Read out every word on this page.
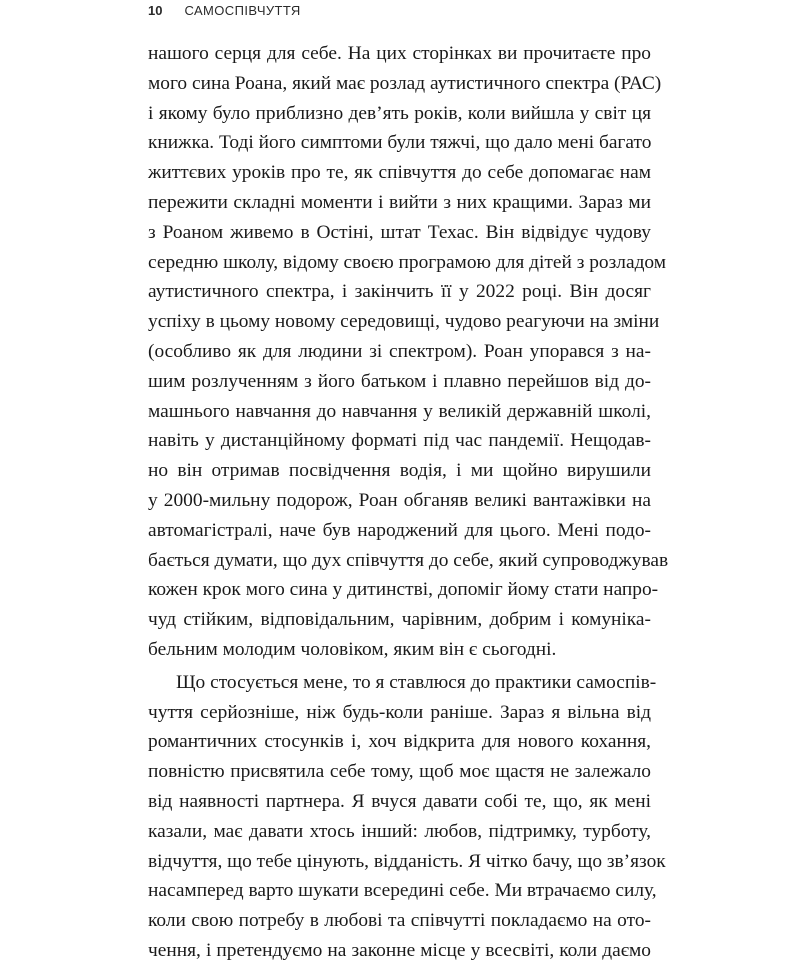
10 САМОСПІВЧУТТЯ
нашого серця для себе. На цих сторінках ви прочитаєте про
мого сина Роана, який має розлад аутистичного спектра (РАС)
і якому було приблизно дев’ять років, коли вийшла у світ ця
книжка. Тоді його симптоми були тяжчі, що дало мені багато
життєвих уроків про те, як співчуття до себе допомагає нам
пережити складні моменти і вийти з них кращими. Зараз ми
з Роаном живемо в Остіні, штат Техас. Він відвідує чудову
середню школу, відому своєю програмою для дітей з розладом
аутистичного спектра, і закінчить її у 2022 році. Він досяг
успіху в цьому новому середовищі, чудово реагуючи на зміни
(особливо як для людини зі спектром). Роан упорався з на-
шим розлученням з його батьком і плавно перейшов від до-
машнього навчання до навчання у великій державній школі,
навіть у дистанційному форматі під час пандемії. Нещодав-
но він отримав посвідчення водія, і ми щойно вирушили
у 2000-мильну подорож, Роан обганяв великі вантажівки на
автомагістралі, наче був народжений для цього. Мені подо-
бається думати, що дух співчуття до себе, який супроводжував
кожен крок мого сина у дитинстві, допоміг йому стати напро-
чуд стійким, відповідальним, чарівним, добрим і комуніка-
бельним молодим чоловіком, яким він є сьогодні.
Що стосується мене, то я ставлюся до практики самоспів-
чуття серйозніше, ніж будь-коли раніше. Зараз я вільна від
романтичних стосунків і, хоч відкрита для нового кохання,
повністю присвятила себе тому, щоб моє щастя не залежало
від наявності партнера. Я вчуся давати собі те, що, як мені
казали, має давати хтось інший: любов, підтримку, турботу,
відчуття, що тебе цінують, відданість. Я чітко бачу, що зв’язок
насамперед варто шукати всередині себе. Ми втрачаємо силу,
коли свою потребу в любові та співчутті покладаємо на ото-
чення, і претендуємо на законне місце у всесвіті, коли даємо
